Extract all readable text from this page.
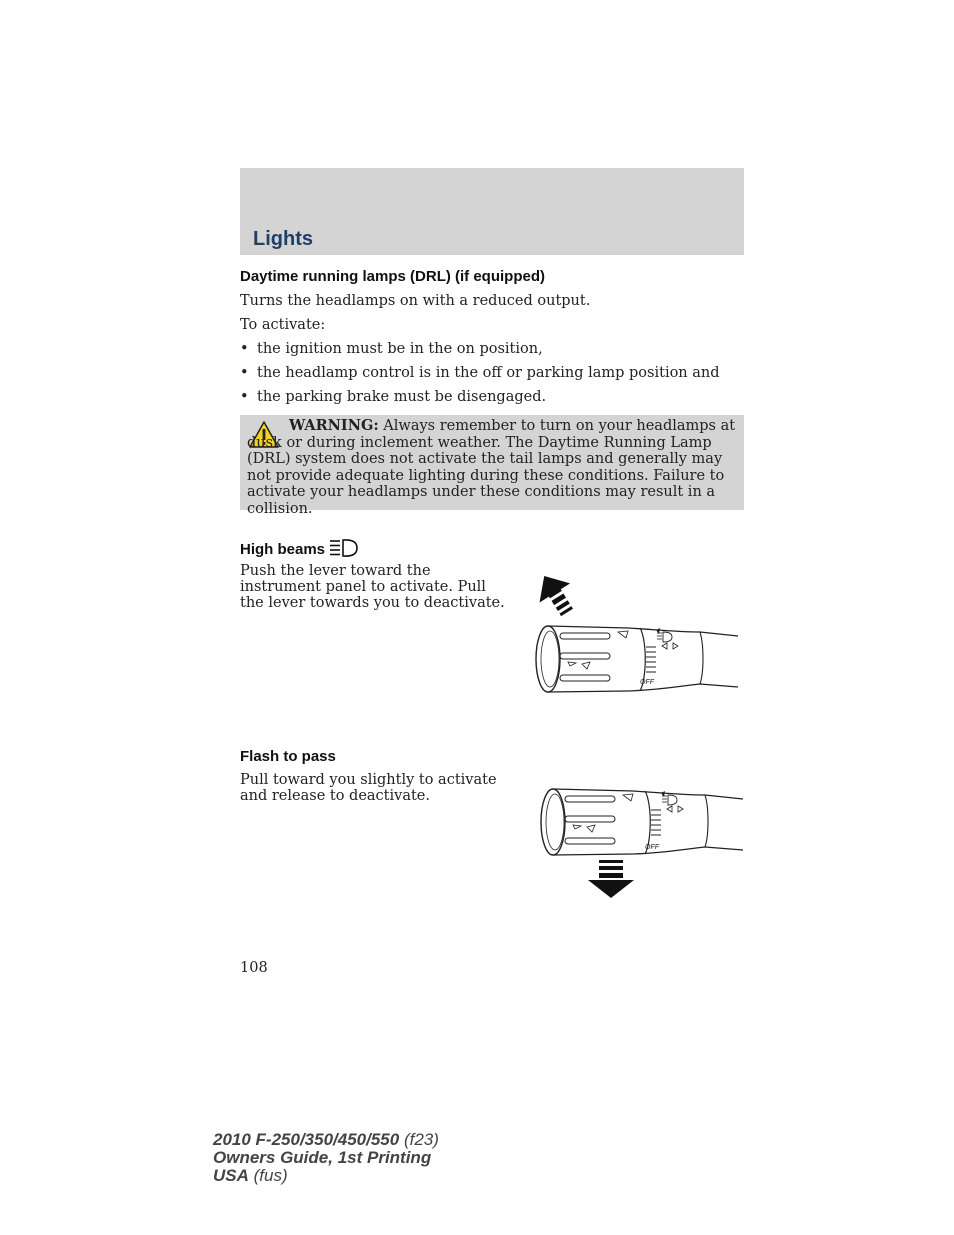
Lights
Daytime running lamps (DRL) (if equipped)
Turns the headlamps on with a reduced output.
To activate:
• the ignition must be in the on position,
• the headlamp control is in the off or parking lamp position and
• the parking brake must be disengaged.
WARNING: Always remember to turn on your headlamps at dusk or during inclement weather. The Daytime Running Lamp (DRL) system does not activate the tail lamps and generally may not provide adequate lighting during these conditions. Failure to activate your headlamps under these conditions may result in a collision.
High beams
Push the lever toward the
instrument panel to activate. Pull
the lever towards you to deactivate.
OFF
Flash to pass
Pull toward you slightly to activate
and release to deactivate.
OFF
108
2010 F-250/350/450/550 (f23)
Owners Guide, 1st Printing
USA (fus)
